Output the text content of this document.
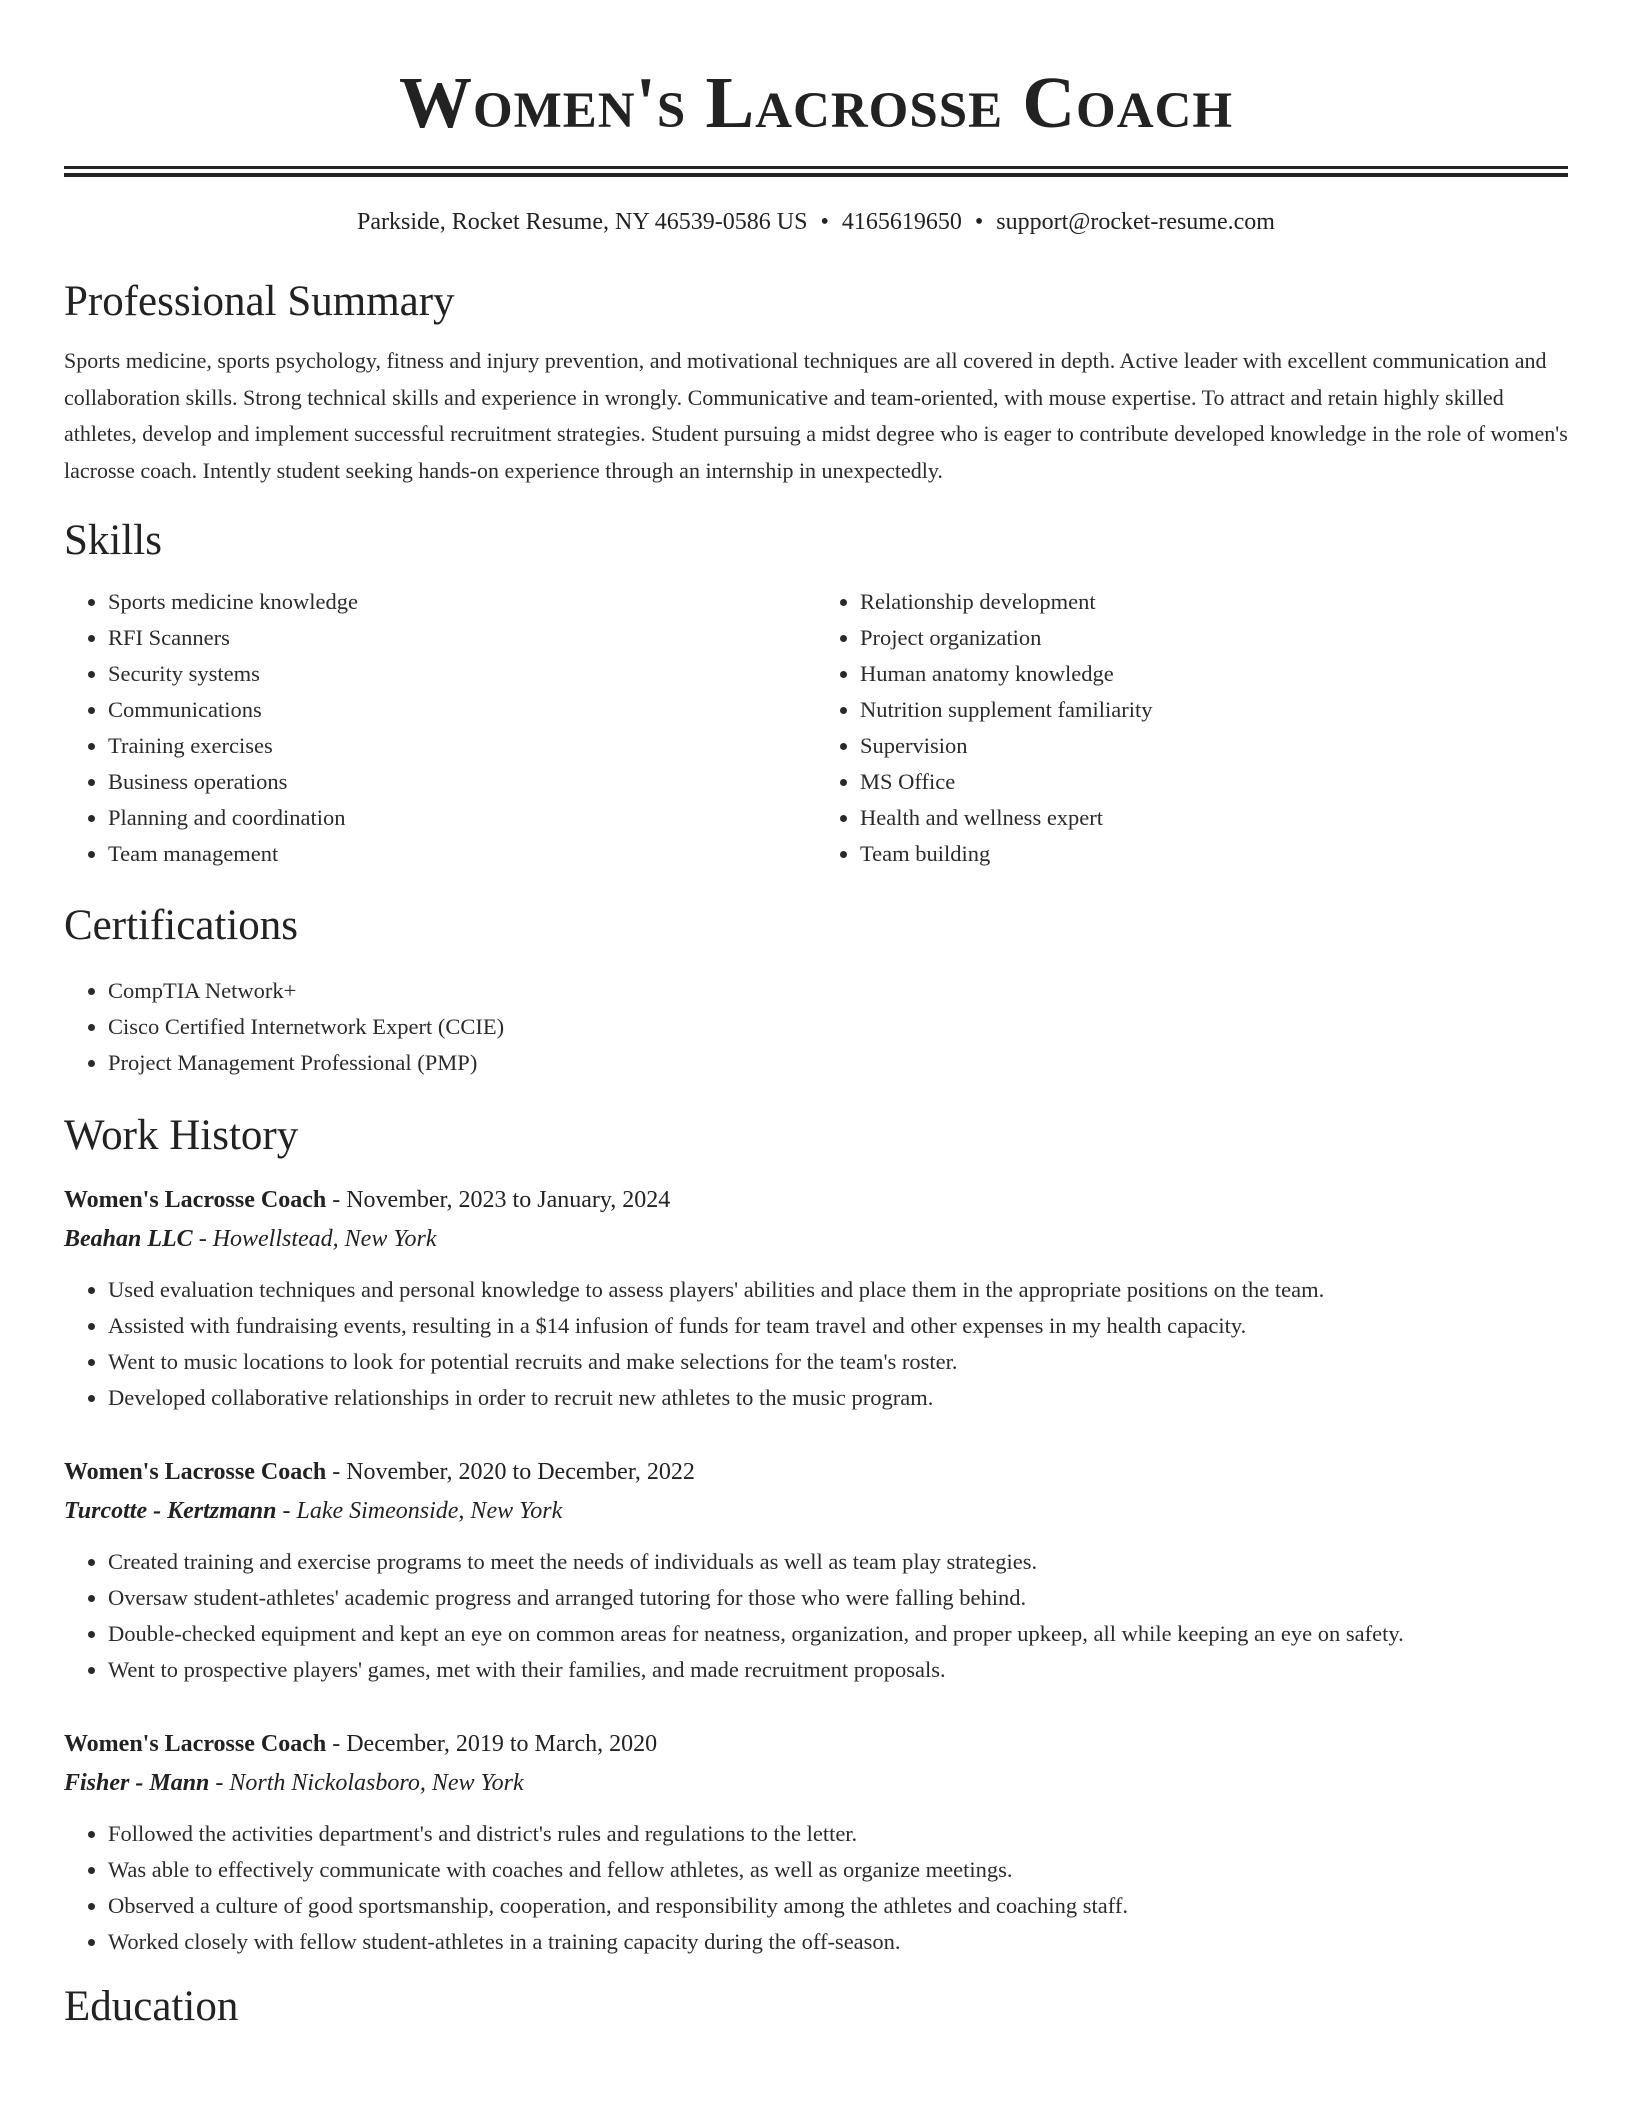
Women's Lacrosse Coach
Parkside, Rocket Resume, NY 46539-0586 US • 4165619650 • support@rocket-resume.com
Professional Summary

Sports medicine, sports psychology, fitness and injury prevention, and motivational techniques are all covered in depth. Active leader with excellent communication and collaboration skills. Strong technical skills and experience in wrongly. Communicative and team-oriented, with mouse expertise. To attract and retain highly skilled athletes, develop and implement successful recruitment strategies. Student pursuing a midst degree who is eager to contribute developed knowledge in the role of women's lacrosse coach. Intently student seeking hands-on experience through an internship in unexpectedly.

Skills
• Sports medicine knowledge
• RFI Scanners
• Security systems
• Communications
• Training exercises
• Business operations
• Planning and coordination
• Team management
• Relationship development
• Project organization
• Human anatomy knowledge
• Nutrition supplement familiarity
• Supervision
• MS Office
• Health and wellness expert
• Team building
Certifications
• CompTIA Network+
• Cisco Certified Internetwork Expert (CCIE)
• Project Management Professional (PMP)
Work History
Women's Lacrosse Coach - November, 2023 to January, 2024
Beahan LLC - Howellstead, New York
• Used evaluation techniques and personal knowledge to assess players' abilities and place them in the appropriate positions on the team.
• Assisted with fundraising events, resulting in a $14 infusion of funds for team travel and other expenses in my health capacity.
• Went to music locations to look for potential recruits and make selections for the team's roster.
• Developed collaborative relationships in order to recruit new athletes to the music program.
Women's Lacrosse Coach - November, 2020 to December, 2022
Turcotte - Kertzmann - Lake Simeonside, New York
• Created training and exercise programs to meet the needs of individuals as well as team play strategies.
• Oversaw student-athletes' academic progress and arranged tutoring for those who were falling behind.
• Double-checked equipment and kept an eye on common areas for neatness, organization, and proper upkeep, all while keeping an eye on safety.
• Went to prospective players' games, met with their families, and made recruitment proposals.
Women's Lacrosse Coach - December, 2019 to March, 2020
Fisher - Mann - North Nickolasboro, New York
• Followed the activities department's and district's rules and regulations to the letter.
• Was able to effectively communicate with coaches and fellow athletes, as well as organize meetings.
• Observed a culture of good sportsmanship, cooperation, and responsibility among the athletes and coaching staff.
• Worked closely with fellow student-athletes in a training capacity during the off-season.
Education
